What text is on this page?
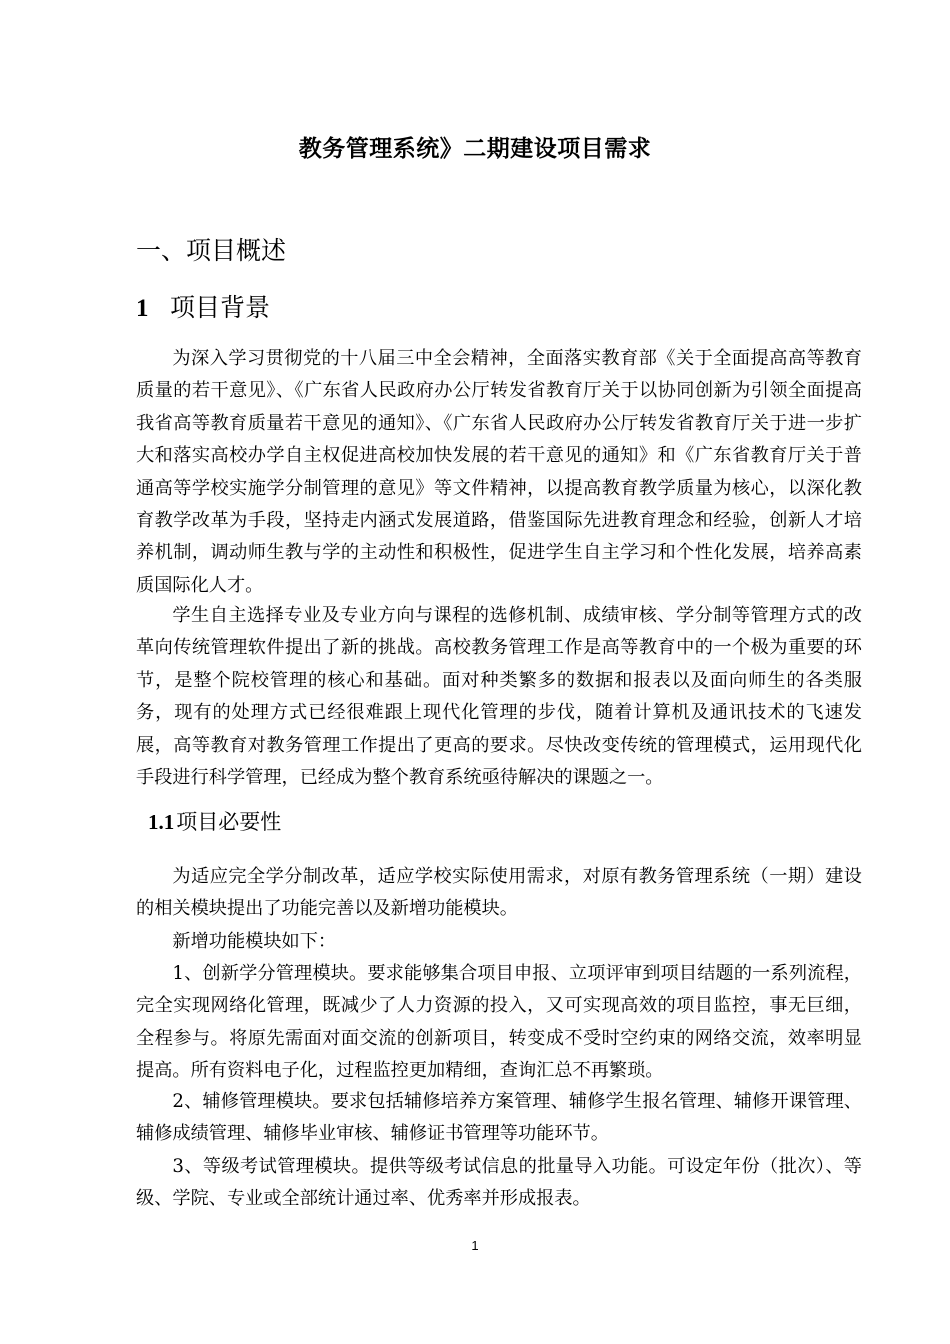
教务管理系统》二期建设项目需求
一、项目概述
1 项目背景

为深入学习贯彻党的十八届三中全会精神，全面落实教育部《关于全面提高高等教育质量的若干意见》、《广东省人民政府办公厅转发省教育厅关于以协同创新为引领全面提高我省高等教育质量若干意见的通知》、《广东省人民政府办公厅转发省教育厅关于进一步扩大和落实高校办学自主权促进高校加快发展的若干意见的通知》和《广东省教育厅关于普通高等学校实施学分制管理的意见》等文件精神，以提高教育教学质量为核心，以深化教育教学改革为手段，坚持走内涵式发展道路，借鉴国际先进教育理念和经验，创新人才培养机制，调动师生教与学的主动性和积极性，促进学生自主学习和个性化发展，培养高素质国际化人才。

学生自主选择专业及专业方向与课程的选修机制、成绩审核、学分制等管理方式的改革向传统管理软件提出了新的挑战。高校教务管理工作是高等教育中的一个极为重要的环节，是整个院校管理的核心和基础。面对种类繁多的数据和报表以及面向师生的各类服务，现有的处理方式已经很难跟上现代化管理的步伐，随着计算机及通讯技术的飞速发展，高等教育对教务管理工作提出了更高的要求。尽快改变传统的管理模式，运用现代化手段进行科学管理，已经成为整个教育系统亟待解决的课题之一。

1.1项目必要性

为适应完全学分制改革，适应学校实际使用需求，对原有教务管理系统（一期）建设的相关模块提出了功能完善以及新增功能模块。

新增功能模块如下：

1、创新学分管理模块。要求能够集合项目申报、立项评审到项目结题的一系列流程，完全实现网络化管理，既减少了人力资源的投入，又可实现高效的项目监控，事无巨细，全程参与。将原先需面对面交流的创新项目，转变成不受时空约束的网络交流，效率明显提高。所有资料电子化，过程监控更加精细，查询汇总不再繁琐。

2、辅修管理模块。要求包括辅修培养方案管理、辅修学生报名管理、辅修开课管理、辅修成绩管理、辅修毕业审核、辅修证书管理等功能环节。

3、等级考试管理模块。提供等级考试信息的批量导入功能。可设定年份（批次）、等级、学院、专业或全部统计通过率、优秀率并形成报表。

1
